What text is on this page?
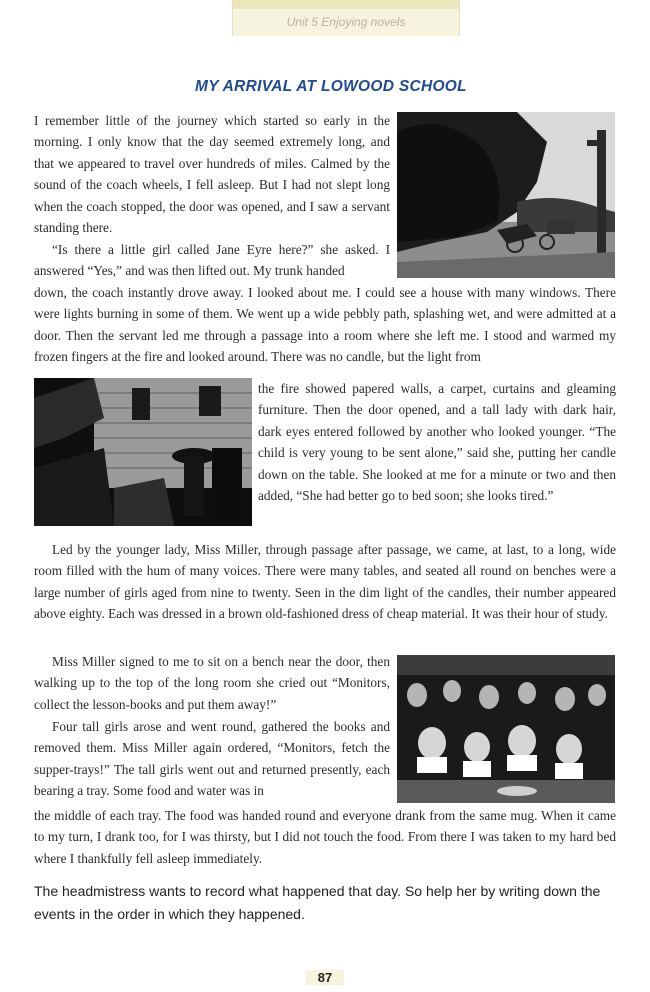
Unit 5 Enjoying novels
MY ARRIVAL AT LOWOOD SCHOOL

I remember little of the journey which started so early in the morning. I only know that the day seemed extremely long, and that we appeared to travel over hundreds of miles. Calmed by the sound of the coach wheels, I fell asleep. But I had not slept long when the coach stopped, the door was opened, and I saw a servant standing there.

“Is there a little girl called Jane Eyre here?” she asked. I answered “Yes,” and was then lifted out. My trunk handed

down, the coach instantly drove away. I looked about me. I could see a house with many windows. There were lights burning in some of them. We went up a wide pebbly path, splashing wet, and were admitted at a door. Then the servant led me through a passage into a room where she left me. I stood and warmed my frozen fingers at the fire and looked around. There was no candle, but the light from

the fire showed papered walls, a carpet, curtains and gleaming furniture. Then the door opened, and a tall lady with dark hair, dark eyes entered followed by another who looked younger. “The child is very young to be sent alone,” said she, putting her candle down on the table. She looked at me for a minute or two and then added, “She had better go to bed soon; she looks tired.”

Led by the younger lady, Miss Miller, through passage after passage, we came, at last, to a long, wide room filled with the hum of many voices. There were many tables, and seated all round on benches were a large number of girls aged from nine to twenty. Seen in the dim light of the candles, their number appeared above eighty. Each was dressed in a brown old-fashioned dress of cheap material. It was their hour of study.

Miss Miller signed to me to sit on a bench near the door, then walking up to the top of the long room she cried out “Monitors, collect the lesson-books and put them away!”

Four tall girls arose and went round, gathered the books and removed them. Miss Miller again ordered, “Monitors, fetch the supper-trays!” The tall girls went out and returned presently, each bearing a tray. Some food and water was in

the middle of each tray. The food was handed round and everyone drank from the same mug. When it came to my turn, I drank too, for I was thirsty, but I did not touch the food. From there I was taken to my hard bed where I thankfully fell asleep immediately.

The headmistress wants to record what happened that day. So help her by writing down the events in the order in which they happened.

87
